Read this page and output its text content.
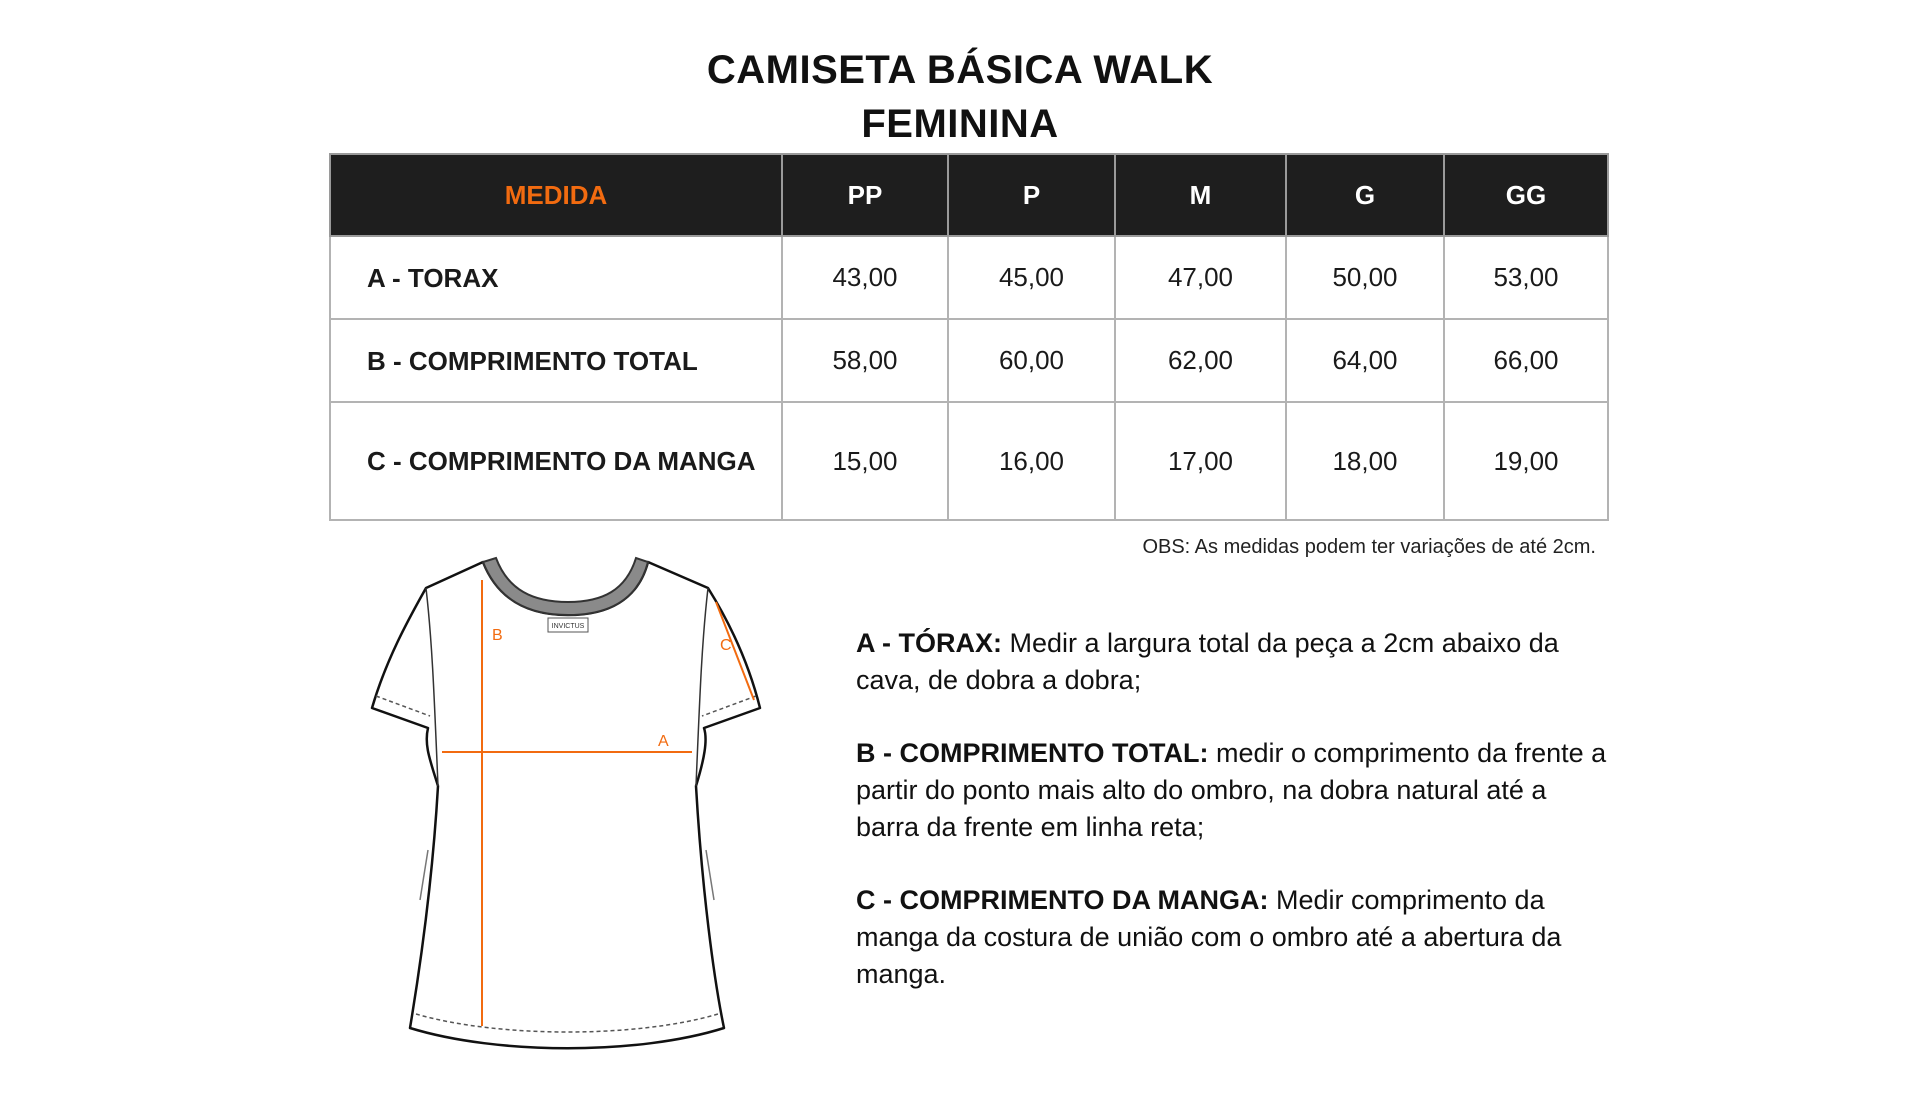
CAMISETA BÁSICA WALK
FEMININA
MEDIDA	PP	P	M	G	GG
A - TORAX	43,00	45,00	47,00	50,00	53,00
B - COMPRIMENTO TOTAL	58,00	60,00	62,00	64,00	66,00
C - COMPRIMENTO DA MANGA	15,00	16,00	17,00	18,00	19,00
OBS: As medidas podem ter variações de até 2cm.
INVICTUS
B
A
C	A - TÓRAX: Medir a largura total da peça a 2cm abaixo da cava, de dobra a dobra;

B - COMPRIMENTO TOTAL: medir o comprimento da frente a partir do ponto mais alto do ombro, na dobra natural até a barra da frente em linha reta;

C - COMPRIMENTO DA MANGA: Medir comprimento da manga da costura de união com o ombro até a abertura da manga.
